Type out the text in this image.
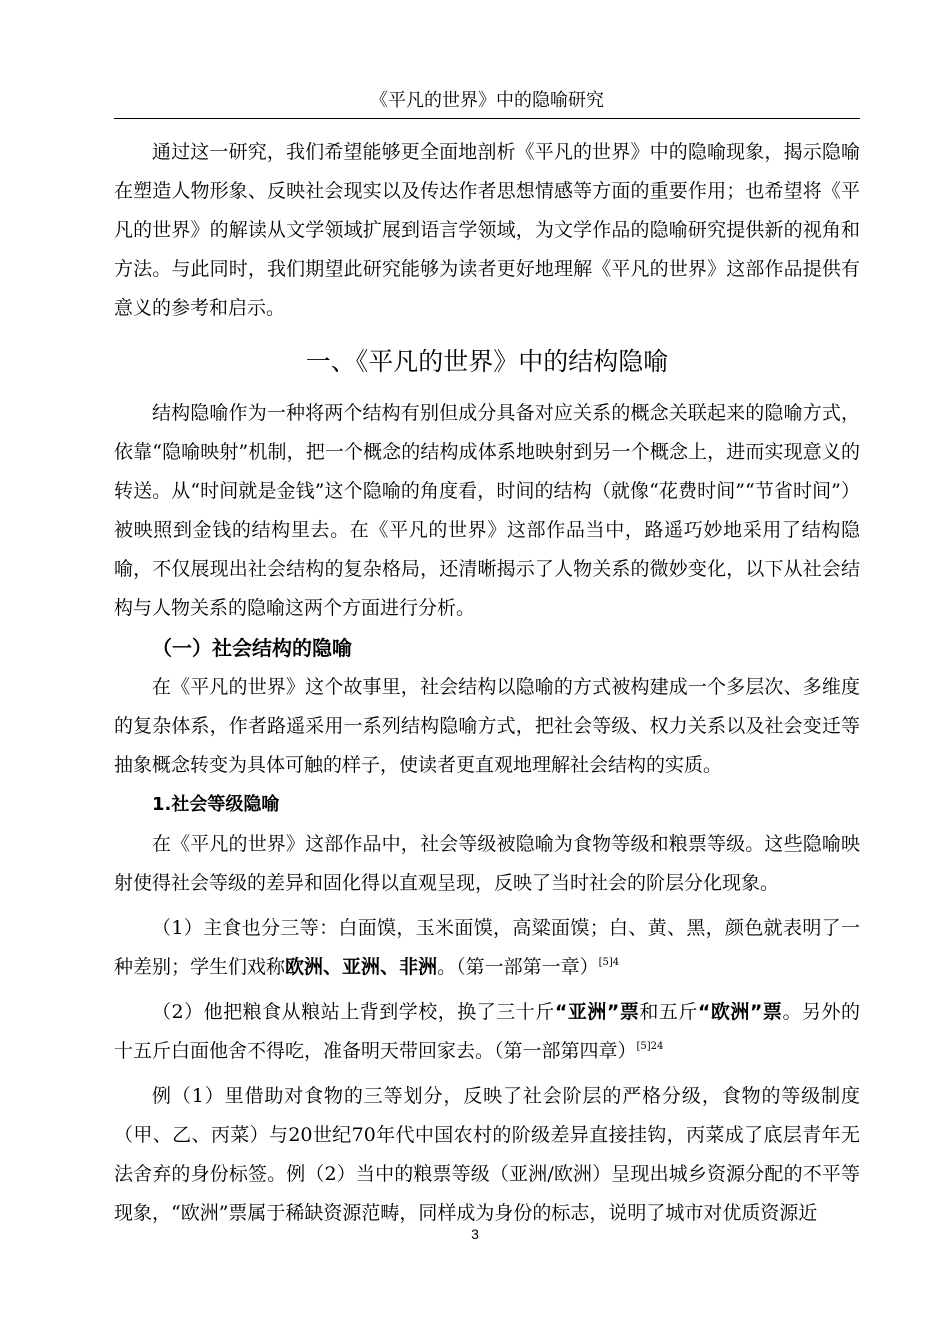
《平凡的世界》中的隐喻研究

通过这一研究，我们希望能够更全面地剖析《平凡的世界》中的隐喻现象，揭示隐喻在塑造人物形象、反映社会现实以及传达作者思想情感等方面的重要作用；也希望将《平凡的世界》的解读从文学领域扩展到语言学领域，为文学作品的隐喻研究提供新的视角和方法。与此同时，我们期望此研究能够为读者更好地理解《平凡的世界》这部作品提供有意义的参考和启示。

一、《平凡的世界》中的结构隐喻

结构隐喻作为一种将两个结构有别但成分具备对应关系的概念关联起来的隐喻方式，依靠“隐喻映射”机制，把一个概念的结构成体系地映射到另一个概念上，进而实现意义的转送。从“时间就是金钱”这个隐喻的角度看，时间的结构（就像“花费时间”“节省时间”）被映照到金钱的结构里去。在《平凡的世界》这部作品当中，路遥巧妙地采用了结构隐喻，不仅展现出社会结构的复杂格局，还清晰揭示了人物关系的微妙变化，以下从社会结构与人物关系的隐喻这两个方面进行分析。

（一）社会结构的隐喻

在《平凡的世界》这个故事里，社会结构以隐喻的方式被构建成一个多层次、多维度的复杂体系，作者路遥采用一系列结构隐喻方式，把社会等级、权力关系以及社会变迁等抽象概念转变为具体可触的样子，使读者更直观地理解社会结构的实质。

1.社会等级隐喻

在《平凡的世界》这部作品中，社会等级被隐喻为食物等级和粮票等级。这些隐喻映射使得社会等级的差异和固化得以直观呈现，反映了当时社会的阶层分化现象。

（1）主食也分三等：白面馍，玉米面馍，高粱面馍；白、黄、黑，颜色就表明了一种差别；学生们戏称欧洲、亚洲、非洲。（第一部第一章）$^{[5]4}$

（2）他把粮食从粮站上背到学校，换了三十斤“亚洲”票和五斤“欧洲”票。另外的十五斤白面他舍不得吃，准备明天带回家去。（第一部第四章）$^{[5]24}$

例（1）里借助对食物的三等划分，反映了社会阶层的严格分级，食物的等级制度（甲、乙、丙菜）与20世纪70年代中国农村的阶级差异直接挂钩，丙菜成了底层青年无法舍弃的身份标签。例（2）当中的粮票等级（亚洲/欧洲）呈现出城乡资源分配的不平等现象，“欧洲”票属于稀缺资源范畴，同样成为身份的标志，说明了城市对优质资源近

3
